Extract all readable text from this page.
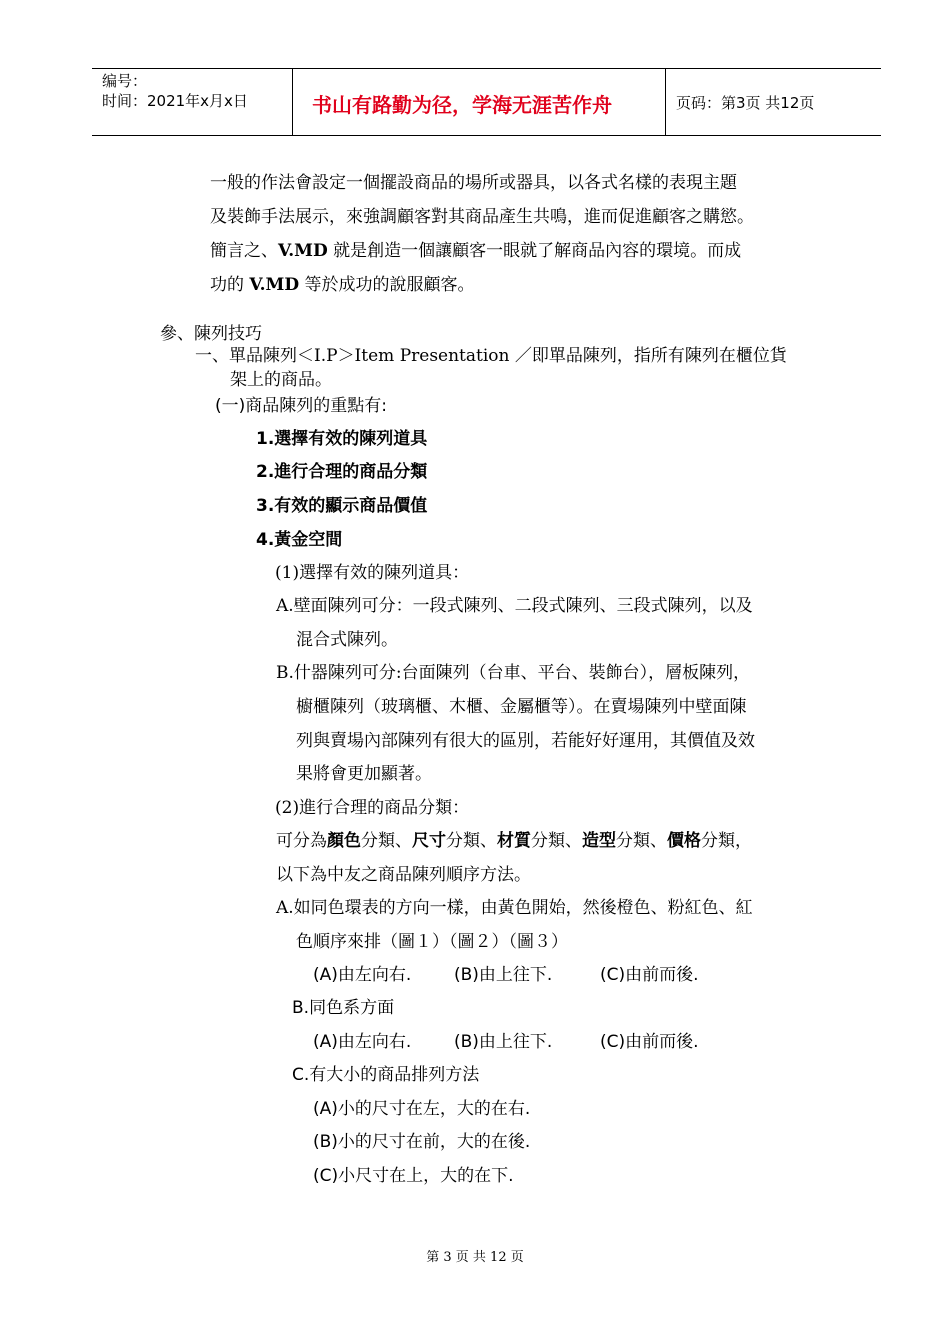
编号：
时间：2021年x月x日	书山有路勤为径，学海无涯苦作舟	页码：第3页 共12页
一般的作法會設定一個擺設商品的場所或器具，以各式名樣的表現主題
及裝飾手法展示，來強調顧客對其商品產生共鳴，進而促進顧客之購慾。
簡言之、V.MD 就是創造一個讓顧客一眼就了解商品內容的環境。而成
功的 V.MD 等於成功的說服顧客。
參、陳列技巧
一、單品陳列＜I.P＞Item Presentation ／即單品陳列，指所有陳列在櫃位貨
架上的商品。
(一)商品陳列的重點有:
1.選擇有效的陳列道具
2.進行合理的商品分類
3.有效的顯示商品價值
4.黃金空間
(1)選擇有效的陳列道具：
A.壁面陳列可分：一段式陳列、二段式陳列、三段式陳列，以及
混合式陳列。
B.什器陳列可分:台面陳列（台車、平台、裝飾台），層板陳列，
櫥櫃陳列（玻璃櫃、木櫃、金屬櫃等）。在賣場陳列中壁面陳
列與賣場內部陳列有很大的區別，若能好好運用，其價值及效
果將會更加顯著。
(2)進行合理的商品分類：
可分為顏色分類、尺寸分類、材質分類、造型分類、價格分類，
以下為中友之商品陳列順序方法。
A.如同色環表的方向一樣，由黃色開始，然後橙色、粉紅色、紅
色順序來排（圖１）（圖２）（圖３）
(A)由左向右.	(B)由上往下.	(C)由前而後.
B.同色系方面
(A)由左向右.	(B)由上往下.	(C)由前而後.
C.有大小的商品排列方法
(A)小的尺寸在左，大的在右.
(B)小的尺寸在前，大的在後.
(C)小尺寸在上，大的在下.
第 3 页 共 12 页
